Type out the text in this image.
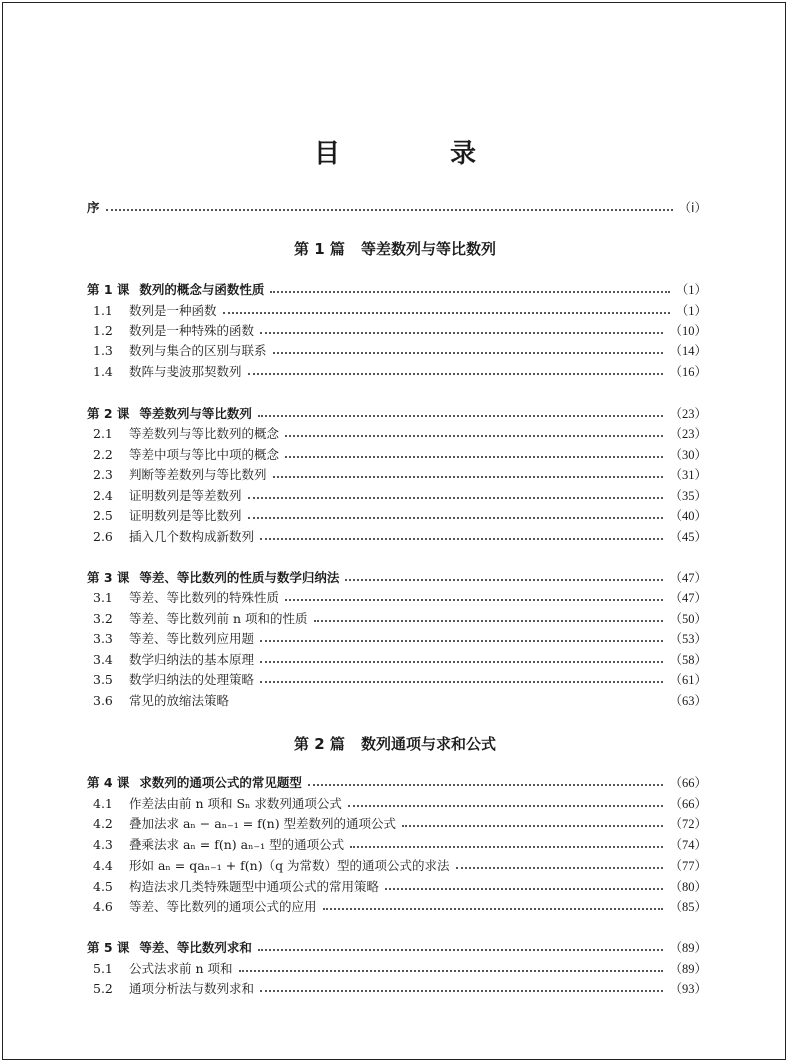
目　录
序	（ⅰ）
第 1 篇 等差数列与等比数列
第 1 课 数列的概念与函数性质	（1）
1.1 数列是一种函数	（1）
1.2 数列是一种特殊的函数	（10）
1.3 数列与集合的区别与联系	（14）
1.4 数阵与斐波那契数列	（16）
第 2 课 等差数列与等比数列	（23）
2.1 等差数列与等比数列的概念	（23）
2.2 等差中项与等比中项的概念	（30）
2.3 判断等差数列与等比数列	（31）
2.4 证明数列是等差数列	（35）
2.5 证明数列是等比数列	（40）
2.6 插入几个数构成新数列	（45）
第 3 课 等差、等比数列的性质与数学归纳法	（47）
3.1 等差、等比数列的特殊性质	（47）
3.2 等差、等比数列前 n 项和的性质	（50）
3.3 等差、等比数列应用题	（53）
3.4 数学归纳法的基本原理	（58）
3.5 数学归纳法的处理策略	（61）
3.6 常见的放缩法策略	（63）
第 2 篇 数列通项与求和公式
第 4 课 求数列的通项公式的常见题型	（66）
4.1 作差法由前 n 项和 Sₙ 求数列通项公式	（66）
4.2 叠加法求 aₙ − aₙ₋₁ = f(n) 型差数列的通项公式	（72）
4.3 叠乘法求 aₙ = f(n) aₙ₋₁ 型的通项公式	（74）
4.4 形如 aₙ = qaₙ₋₁ + f(n)（q 为常数）型的通项公式的求法	（77）
4.5 构造法求几类特殊题型中通项公式的常用策略	（80）
4.6 等差、等比数列的通项公式的应用	（85）
第 5 课 等差、等比数列求和	（89）
5.1 公式法求前 n 项和	（89）
5.2 通项分析法与数列求和	（93）
